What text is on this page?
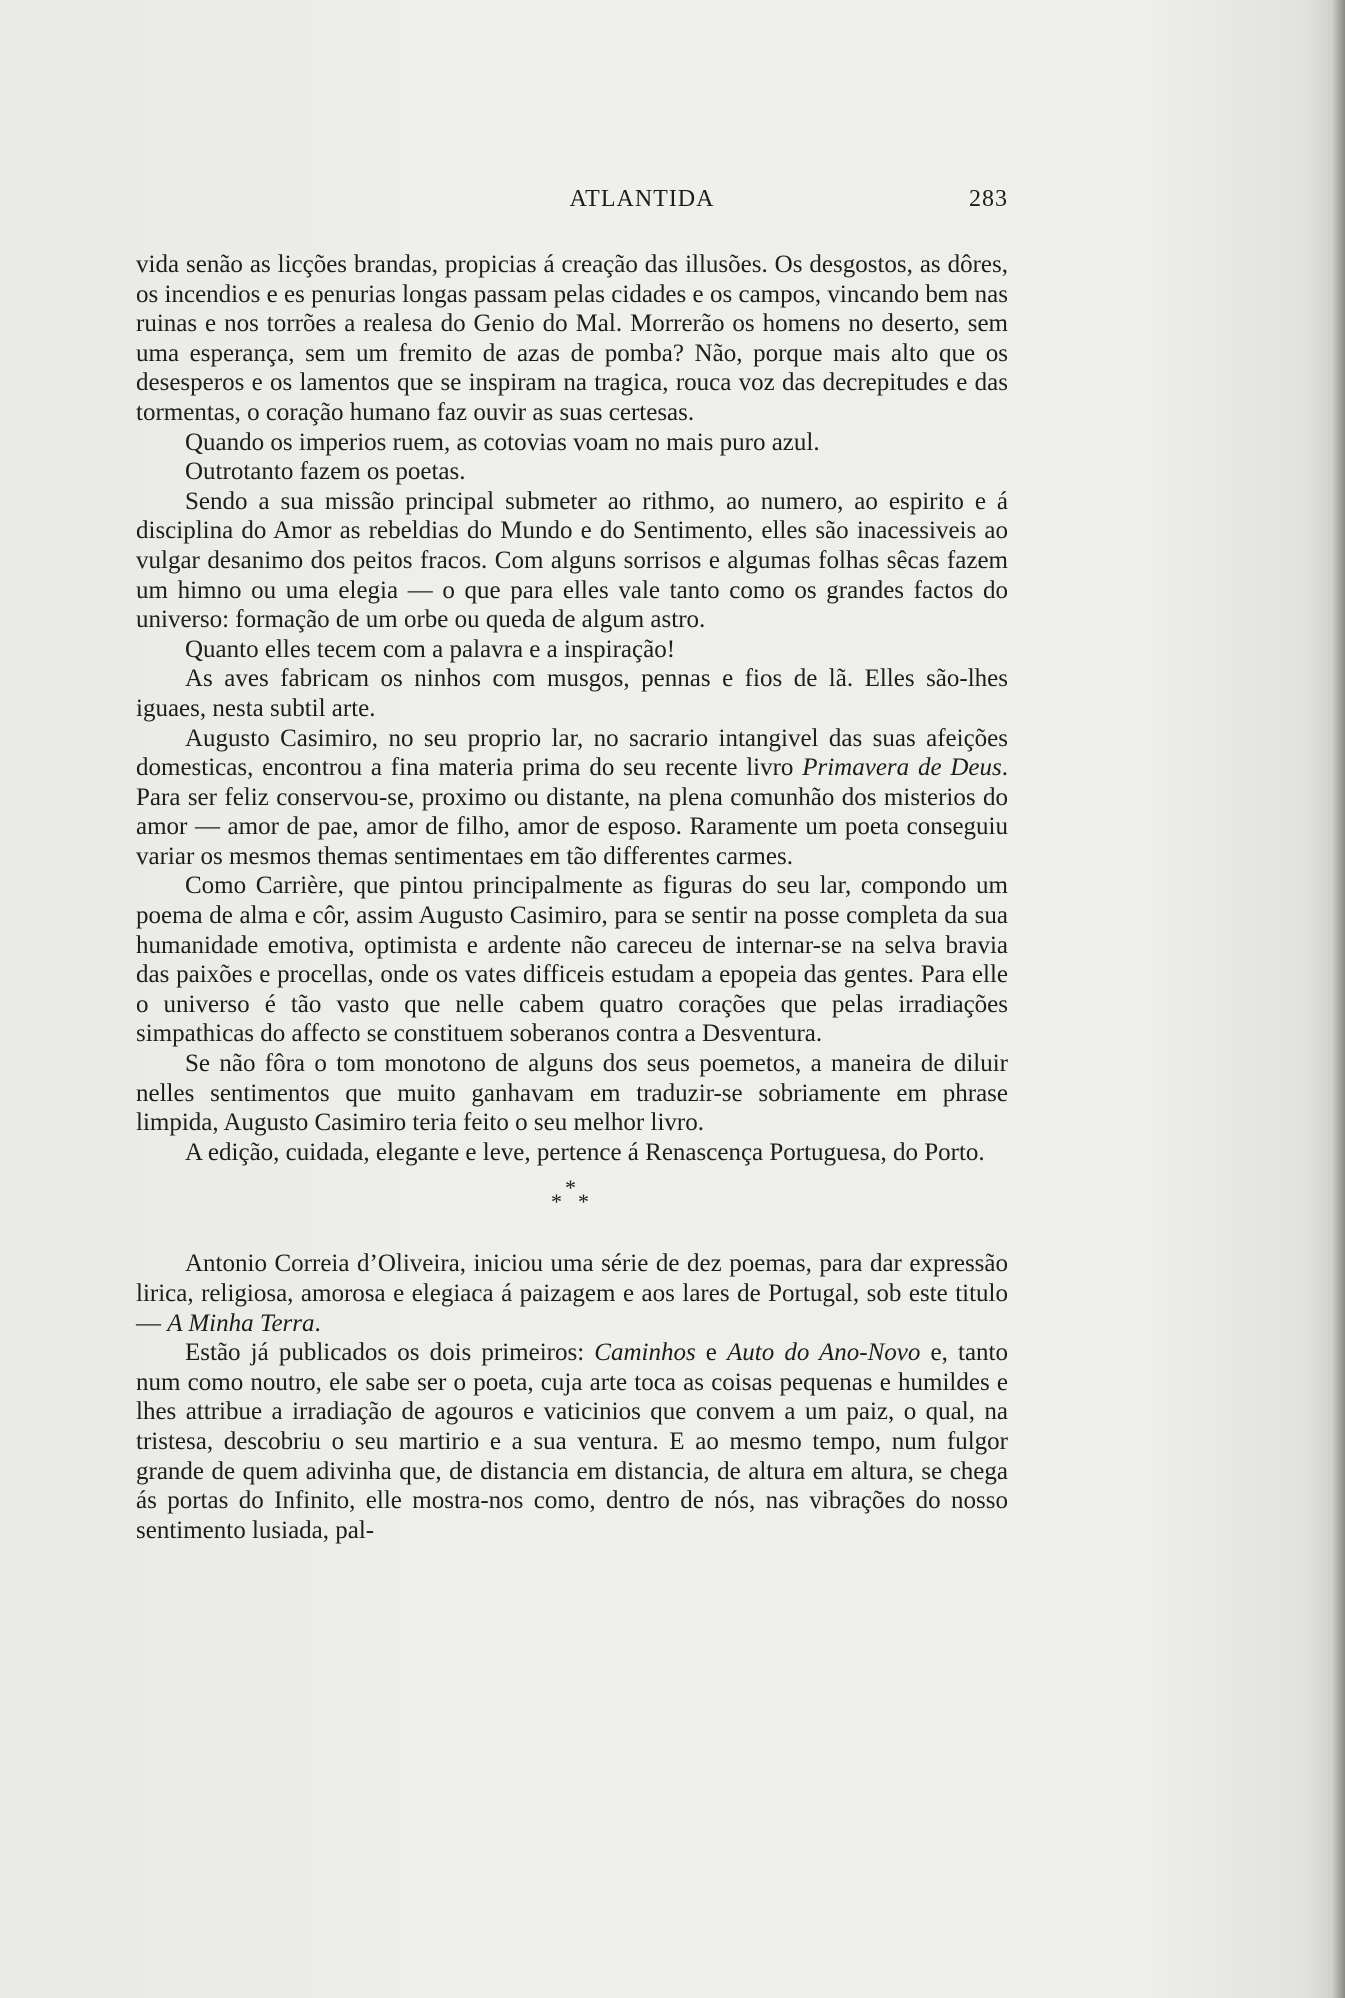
ATLANTIDA	283

vida senão as licções brandas, propicias á creação das illusões. Os desgostos, as dôres, os incendios e es penurias longas passam pelas cidades e os campos, vincando bem nas ruinas e nos torrões a realesa do Genio do Mal. Morrerão os homens no deserto, sem uma esperança, sem um fremito de azas de pomba? Não, porque mais alto que os desesperos e os lamentos que se inspiram na tragica, rouca voz das decrepitudes e das tormentas, o coração humano faz ouvir as suas certesas.

Quando os imperios ruem, as cotovias voam no mais puro azul.

Outrotanto fazem os poetas.

Sendo a sua missão principal submeter ao rithmo, ao numero, ao espirito e á disciplina do Amor as rebeldias do Mundo e do Sentimento, elles são inacessiveis ao vulgar desanimo dos peitos fracos. Com alguns sorrisos e algumas folhas sêcas fazem um himno ou uma elegia — o que para elles vale tanto como os grandes factos do universo: formação de um orbe ou queda de algum astro.

Quanto elles tecem com a palavra e a inspiração!

As aves fabricam os ninhos com musgos, pennas e fios de lã. Elles são-lhes iguaes, nesta subtil arte.

Augusto Casimiro, no seu proprio lar, no sacrario intangivel das suas afeições domesticas, encontrou a fina materia prima do seu recente livro Primavera de Deus. Para ser feliz conservou-se, proximo ou distante, na plena comunhão dos misterios do amor — amor de pae, amor de filho, amor de esposo. Raramente um poeta conseguiu variar os mesmos themas sentimentaes em tão differentes carmes.

Como Carrière, que pintou principalmente as figuras do seu lar, compondo um poema de alma e côr, assim Augusto Casimiro, para se sentir na posse completa da sua humanidade emotiva, optimista e ardente não careceu de internar-se na selva bravia das paixões e procellas, onde os vates difficeis estudam a epopeia das gentes. Para elle o universo é tão vasto que nelle cabem quatro corações que pelas irradiações simpathicas do affecto se constituem soberanos contra a Desventura.

Se não fôra o tom monotono de alguns dos seus poemetos, a maneira de diluir nelles sentimentos que muito ganhavam em traduzir-se sobriamente em phrase limpida, Augusto Casimiro teria feito o seu melhor livro.

A edição, cuidada, elegante e leve, pertence á Renascença Portuguesa, do Porto.

*
* *

Antonio Correia d’Oliveira, iniciou uma série de dez poemas, para dar expressão lirica, religiosa, amorosa e elegiaca á paizagem e aos lares de Portugal, sob este titulo — A Minha Terra.

Estão já publicados os dois primeiros: Caminhos e Auto do Ano-Novo e, tanto num como noutro, ele sabe ser o poeta, cuja arte toca as coisas pequenas e humildes e lhes attribue a irradiação de agouros e vaticinios que convem a um paiz, o qual, na tristesa, descobriu o seu martirio e a sua ventura. E ao mesmo tempo, num fulgor grande de quem adivinha que, de distancia em distancia, de altura em altura, se chega ás portas do Infinito, elle mostra-nos como, dentro de nós, nas vibrações do nosso sentimento lusiada, pal-
